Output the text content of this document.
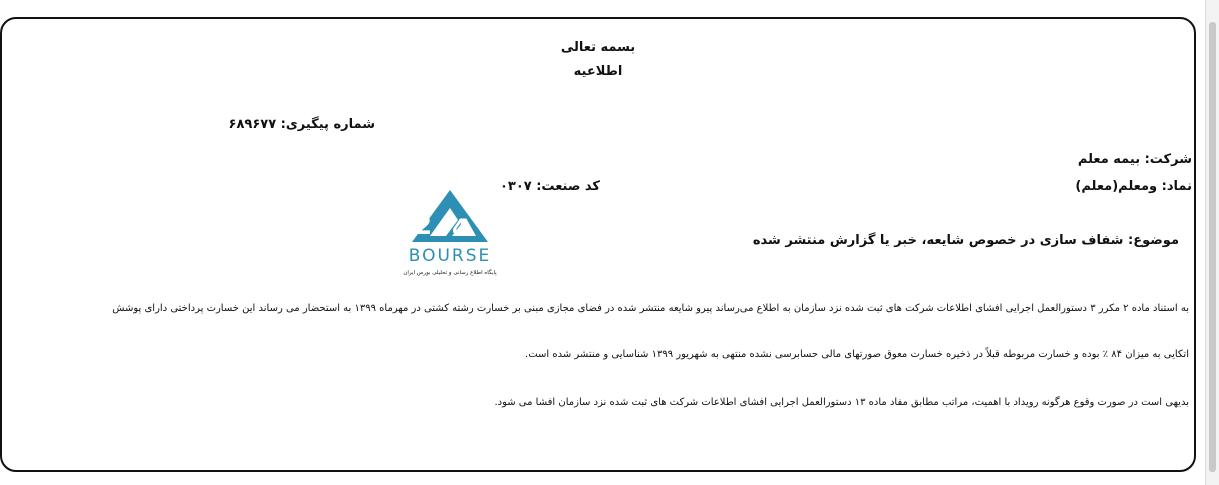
بسمه تعالی
اطلاعیه
شماره پیگیری: ۶۸۹۶۷۷
شرکت: بیمه معلم
نماد: ومعلم(معلم)
کد صنعت: ۰۳۰۷
موضوع: شفاف سازی در خصوص شایعه، خبر یا گزارش منتشر شده
2 4
BOURSE
پایگاه اطلاع رسانی و تحلیلی بورس ایران
به استناد ماده ۲ مکرر ۳ دستورالعمل اجرایی افشای اطلاعات شرکت های ثبت شده نزد سازمان به اطلاع می‌رساند پیرو شایعه منتشر شده در فضای مجازی مبنی بر خسارت رشته کشتی در مهرماه ۱۳۹۹ به استحضار می رساند این خسارت پرداختی دارای پوشش
اتکایی به میزان ۸۴ ٪ بوده و خسارت مربوطه قبلاً در ذخیره خسارت معوق صورتهای مالی حسابرسی نشده منتهی به شهریور ۱۳۹۹ شناسایی و منتشر شده است.
بدیهی است در صورت وقوع هرگونه رویداد با اهمیت، مراتب مطابق مفاد ماده ۱۳ دستورالعمل اجرایی افشای اطلاعات شرکت های ثبت شده نزد سازمان افشا می شود.
